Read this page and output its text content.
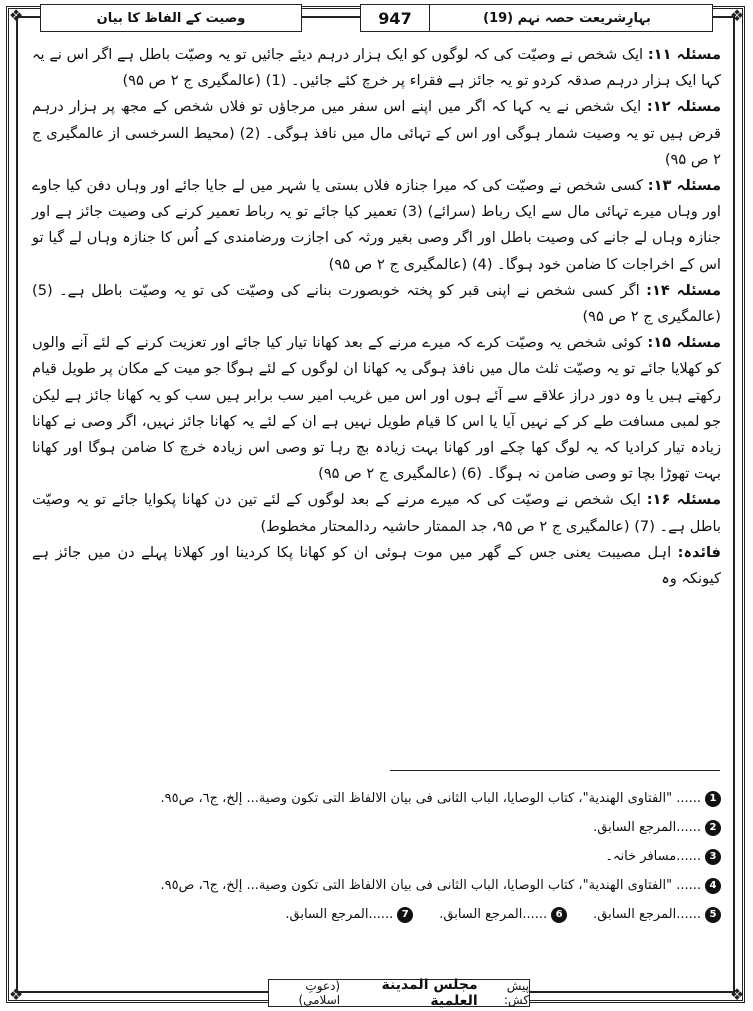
❖	❖
❖	❖
بہارِشریعت حصہ نہم (19)
947
وصیت کے الفاظ کا بیان

مسئلہ ۱۱: ایک شخص نے وصیّت کی کہ لوگوں کو ایک ہزار درہم دیئے جائیں تو یہ وصیّت باطل ہے اگر اس نے یہ کہا ایک ہزار درہم صدقہ کردو تو یہ جائز ہے فقراء پر خرچ کئے جائیں۔ (1) (عالمگیری ج ۲ ص ۹۵)

مسئلہ ۱۲: ایک شخص نے یہ کہا کہ اگر میں اپنے اس سفر میں مرجاؤں تو فلاں شخص کے مجھ پر ہزار درہم قرض ہیں تو یہ وصیت شمار ہوگی اور اس کے تہائی مال میں نافذ ہوگی۔ (2) (محیط السرخسی از عالمگیری ج ۲ ص ۹۵)

مسئلہ ۱۳: کسی شخص نے وصیّت کی کہ میرا جنازہ فلاں بستی یا شہر میں لے جایا جائے اور وہاں دفن کیا جاوے اور وہاں میرے تہائی مال سے ایک رباط (سرائے) (3) تعمیر کیا جائے تو یہ رباط تعمیر کرنے کی وصیت جائز ہے اور جنازہ وہاں لے جانے کی وصیت باطل اور اگر وصی بغیر ورثہ کی اجازت ورضامندی کے اُس کا جنازہ وہاں لے گیا تو اس کے اخراجات کا ضامن خود ہوگا۔ (4) (عالمگیری ج ۲ ص ۹۵)

مسئلہ ۱۴: اگر کسی شخص نے اپنی قبر کو پختہ خوبصورت بنانے کی وصیّت کی تو یہ وصیّت باطل ہے۔ (5) (عالمگیری ج ۲ ص ۹۵)

مسئلہ ۱۵: کوئی شخص یہ وصیّت کرے کہ میرے مرنے کے بعد کھانا تیار کیا جائے اور تعزیت کرنے کے لئے آنے والوں کو کھلایا جائے تو یہ وصیّت ثلث مال میں نافذ ہوگی یہ کھانا ان لوگوں کے لئے ہوگا جو میت کے مکان پر طویل قیام رکھتے ہیں یا وہ دور دراز علاقے سے آئے ہوں اور اس میں غریب امیر سب برابر ہیں سب کو یہ کھانا جائز ہے لیکن جو لمبی مسافت طے کر کے نہیں آیا یا اس کا قیام طویل نہیں ہے ان کے لئے یہ کھانا جائز نہیں، اگر وصی نے کھانا زیادہ تیار کرادیا کہ یہ لوگ کھا چکے اور کھانا بہت زیادہ بچ رہا تو وصی اس زیادہ خرچ کا ضامن ہوگا اور کھانا بہت تھوڑا بچا تو وصی ضامن نہ ہوگا۔ (6) (عالمگیری ج ۲ ص ۹۵)

مسئلہ ۱۶: ایک شخص نے وصیّت کی کہ میرے مرنے کے بعد لوگوں کے لئے تین دن کھانا پکوایا جائے تو یہ وصیّت باطل ہے۔ (7) (عالمگیری ج ۲ ص ۹۵، جد الممتار حاشیہ ردالمحتار مخطوط)

فائدہ: اہل مصیبت یعنی جس کے گھر میں موت ہوئی ان کو کھانا پکا کردینا اور کھلانا پہلے دن میں جائز ہے کیونکہ وہ

1
...... "الفتاوى الهندية"، كتاب الوصايا، الباب الثانى فى بيان الالفاظ التى تكون وصية... إلخ، ج٦، ص٩٥.
2
......المرجع السابق.
3
......مسافر خانہ۔
4
...... "الفتاوى الهندية"، كتاب الوصايا، الباب الثانى فى بيان الالفاظ التى تكون وصية... إلخ، ج٦، ص٩٥.
5
......المرجع السابق.
6
......المرجع السابق.
7
......المرجع السابق.
پیش کش:
مجلس المدينة العلمية
(دعوتِ اسلامی)
